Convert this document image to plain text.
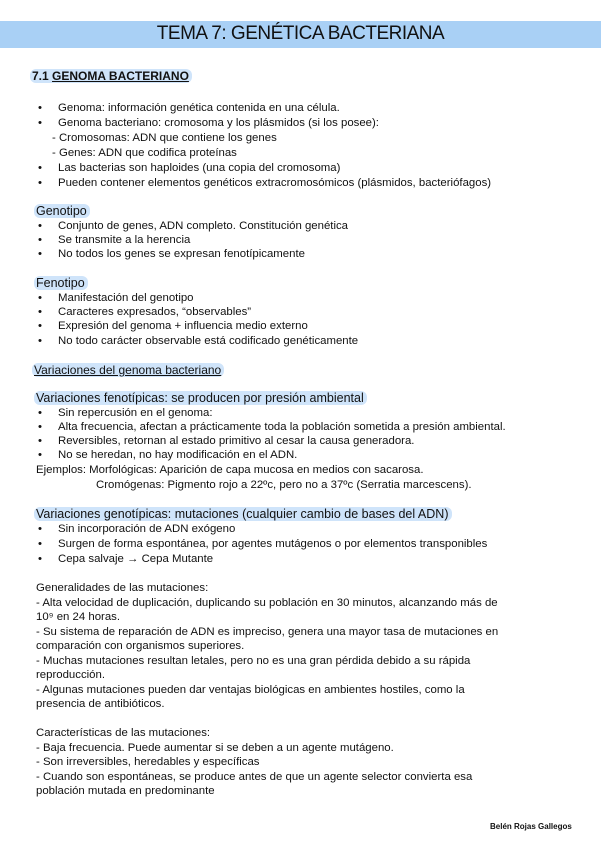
TEMA 7: GENÉTICA BACTERIANA
7.1 GENOMA BACTERIANO
• Genoma: información genética contenida en una célula.
• Genoma bacteriano: cromosoma y los plásmidos (si los posee):
- Cromosomas: ADN que contiene los genes
- Genes: ADN que codifica proteínas
• Las bacterias son haploides (una copia del cromosoma)
• Pueden contener elementos genéticos extracromosómicos (plásmidos, bacteriófagos)
Genotipo
• Conjunto de genes, ADN completo. Constitución genética
• Se transmite a la herencia
• No todos los genes se expresan fenotípicamente
Fenotipo
• Manifestación del genotipo
• Caracteres expresados, “observables”
• Expresión del genoma + influencia medio externo
• No todo carácter observable está codificado genéticamente
Variaciones del genoma bacteriano
Variaciones fenotípicas: se producen por presión ambiental
• Sin repercusión en el genoma:
• Alta frecuencia, afectan a prácticamente toda la población sometida a presión ambiental.
• Reversibles, retornan al estado primitivo al cesar la causa generadora.
• No se heredan, no hay modificación en el ADN.
Ejemplos: Morfológicas: Aparición de capa mucosa en medios con sacarosa.
Cromógenas: Pigmento rojo a 22ºc, pero no a 37ºc (Serratia marcescens).
Variaciones genotípicas: mutaciones (cualquier cambio de bases del ADN)
• Sin incorporación de ADN exógeno
• Surgen de forma espontánea, por agentes mutágenos o por elementos transponibles
• Cepa salvaje → Cepa Mutante
Generalidades de las mutaciones:
- Alta velocidad de duplicación, duplicando su población en 30 minutos, alcanzando más de
10⁹ en 24 horas.
- Su sistema de reparación de ADN es impreciso, genera una mayor tasa de mutaciones en
comparación con organismos superiores.
- Muchas mutaciones resultan letales, pero no es una gran pérdida debido a su rápida
reproducción.
- Algunas mutaciones pueden dar ventajas biológicas en ambientes hostiles, como la
presencia de antibióticos.
Características de las mutaciones:
- Baja frecuencia. Puede aumentar si se deben a un agente mutágeno.
- Son irreversibles, heredables y específicas
- Cuando son espontáneas, se produce antes de que un agente selector convierta esa
población mutada en predominante
Belén Rojas Gallegos
